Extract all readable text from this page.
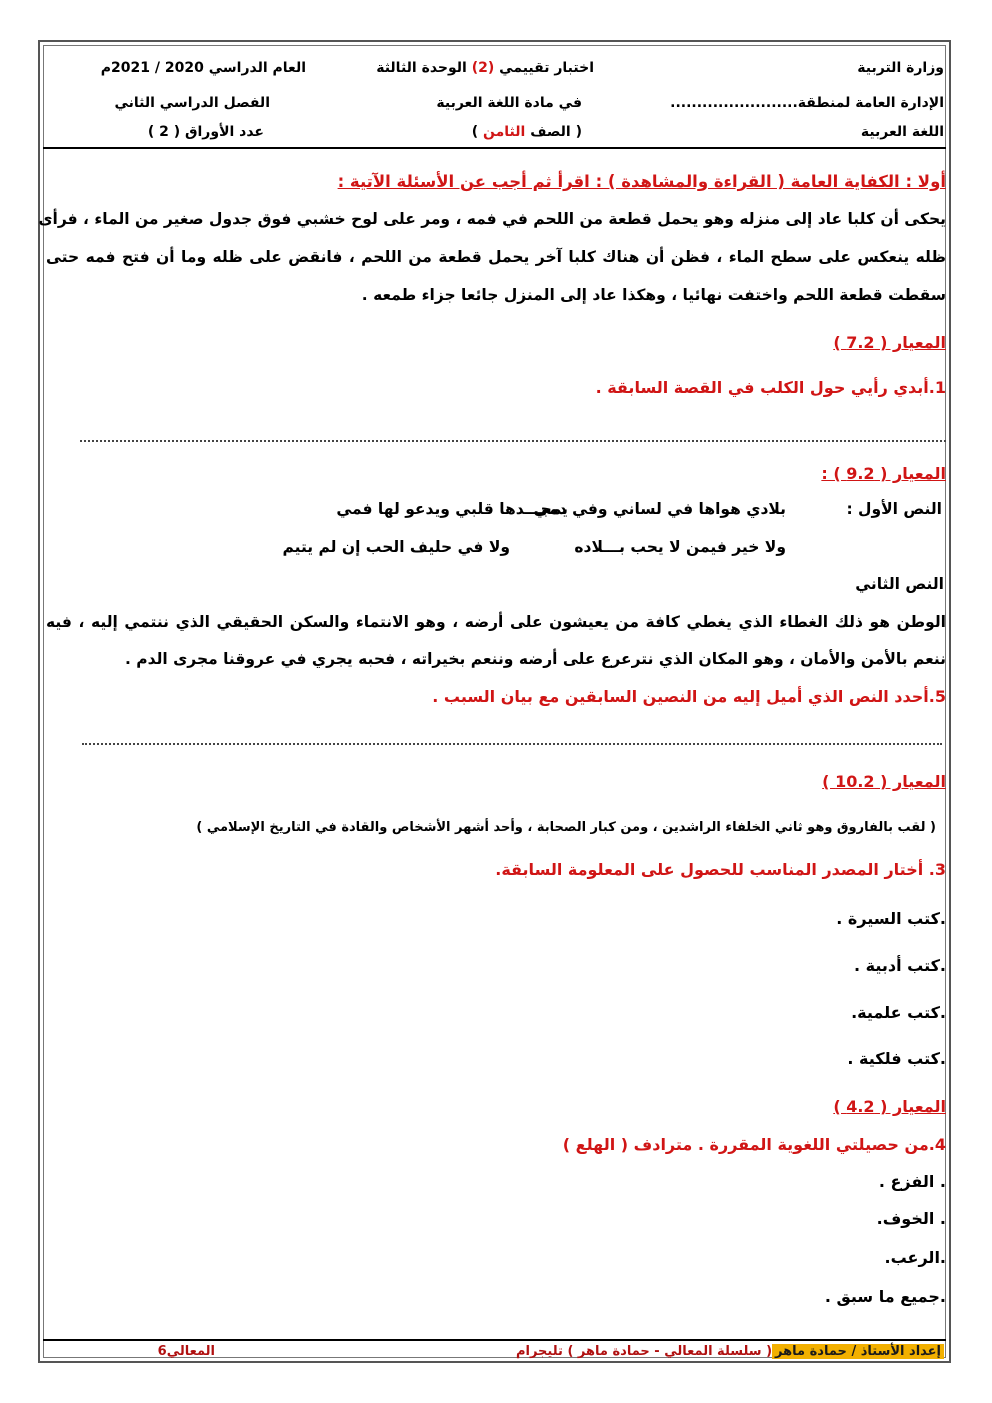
وزارة التربية
الإدارة العامة لمنطقة........................
اللغة العربية
اختبار تقييمي (2) الوحدة الثالثة
في مادة اللغة العربية
( الصف الثامن )
العام الدراسي 2020 / 2021م
الفصل الدراسي الثاني
عدد الأوراق ( 2 )
أولا : الكفاية العامة ( القراءة والمشاهدة ) : اقرأ ثم أجب عن الأسئلة الآتية :
يحكى أن كلبا عاد إلى منزله وهو يحمل قطعة من اللحم في فمه ، ومر على لوح خشبي فوق جدول صغير من الماء ، فرأى
ظله ينعكس على سطح الماء ، فظن أن هناك كلبا آخر يحمل قطعة من اللحم ، فانقض على ظله وما أن فتح فمه حتى
سقطت قطعة اللحم واختفت نهائيا ، وهكذا عاد إلى المنزل جائعا جزاء طمعه .
المعيار ( 7.2 )
1.أبدي رأيي حول الكلب في القصة السابقة .
المعيار ( 9.2 ) :
النص الأول :
بلادي هواها في لساني وفي دمي
يمجـــدها قلبي ويدعو لها فمي
ولا خير فيمن لا يحب بـــلاده
ولا في حليف الحب إن لم يتيم
النص الثاني
الوطن هو ذلك الغطاء الذي يغطي كافة من يعيشون على أرضه ، وهو الانتماء والسكن الحقيقي الذي ننتمي إليه ، فيه
ننعم بالأمن والأمان ، وهو المكان الذي نترعرع على أرضه وننعم بخيراته ، فحبه يجري في عروقنا مجرى الدم .
5.أحدد النص الذي أميل إليه من النصين السابقين مع بيان السبب .
المعيار ( 10.2 )
( لقب بالفاروق وهو ثاني الخلفاء الراشدين ، ومن كبار الصحابة ، وأحد أشهر الأشخاص والقادة في التاريخ الإسلامي )
3. أختار المصدر المناسب للحصول على المعلومة السابقة.
.كتب السيرة .
.كتب أدبية .
.كتب علمية.
.كتب فلكية .
المعيار ( 4.2 )
4.من حصيلتي اللغوية المقررة . مترادف ( الهلع )
. الفزع .
. الخوف.
.الرعب.
.جميع ما سبق .
إعداد الأستاذ / حمادة ماهر( سلسلة المعالي - حمادة ماهر ) تليجرام
المعالي6
